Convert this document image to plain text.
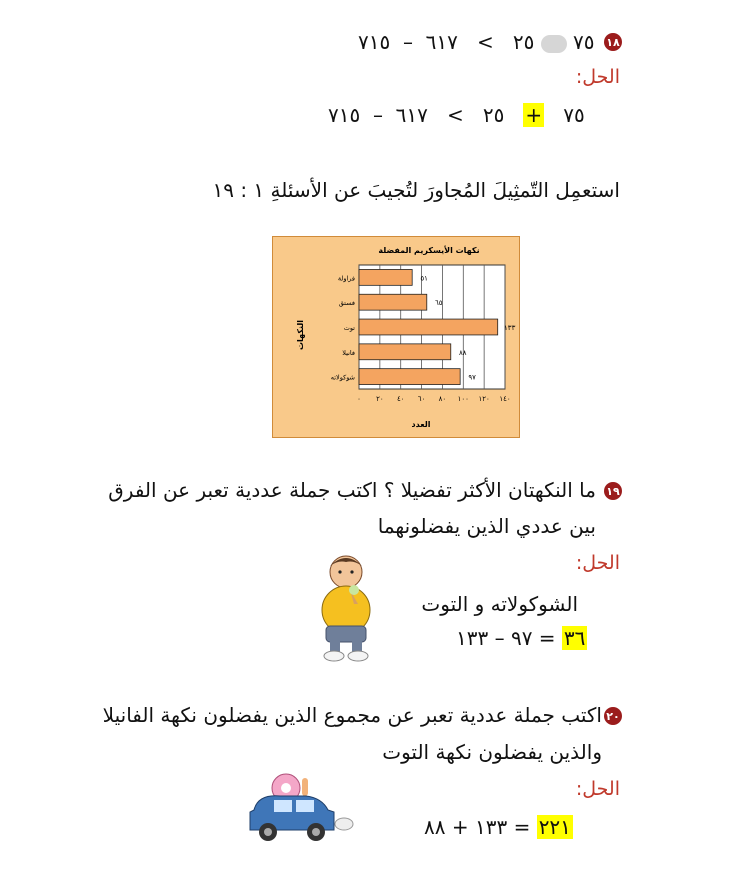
١٨
٧٥  ٢٥   >   ٦١٧  –  ٧١٥
الحل:
٧٥   +   ٢٥   >   ٦١٧  –  ٧١٥
استعمِل التّمثِيلَ المُجاورَ لتُجيبَ عن الأسئلةِ ١ : ١٩
نكهات الأيسكريم المفضلة
النكهات
العدد
٠ ٢٠ ٤٠ ٦٠ ٨٠ ١٠٠ ١٢٠ ١٤٠
٥١
فراولة
٦٥
فستق
١٣٣
توت
٨٨
فانيلا
٩٧
شوكولاته
١٩
ما النكهتان الأكثر تفضيلا ؟ اكتب جملة عددية تعبر عن الفرق
بين عددي الذين يفضلونهما
الحل:
الشوكولاته و التوت
٣٦ = ٩٧ – ١٣٣
٢٠
اكتب جملة عددية تعبر عن مجموع الذين يفضلون نكهة الفانيلا
والذين يفضلون نكهة التوت
الحل:
٢٢١ = ١٣٣ + ٨٨
